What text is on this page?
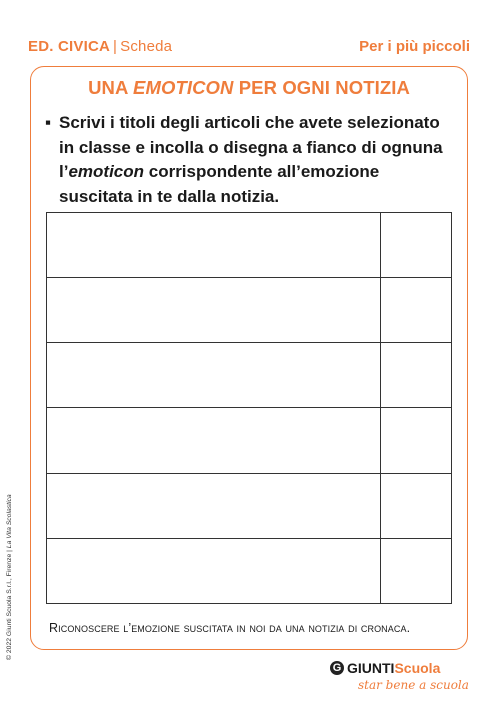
ED. CIVICA | Scheda	Per i più piccoli
UNA EMOTICON PER OGNI NOTIZIA
▪ Scrivi i titoli degli articoli che avete selezionato in classe e incolla o disegna a fianco di ognuna l’emoticon corrispondente all’emozione suscitata in te dalla notizia.

Riconoscere l’emozione suscitata in noi da una notizia di cronaca.
© 2022 Giunti Scuola S.r.l., Firenze | La Vita Scolastica
G GIUNTIScuola
star bene a scuola
